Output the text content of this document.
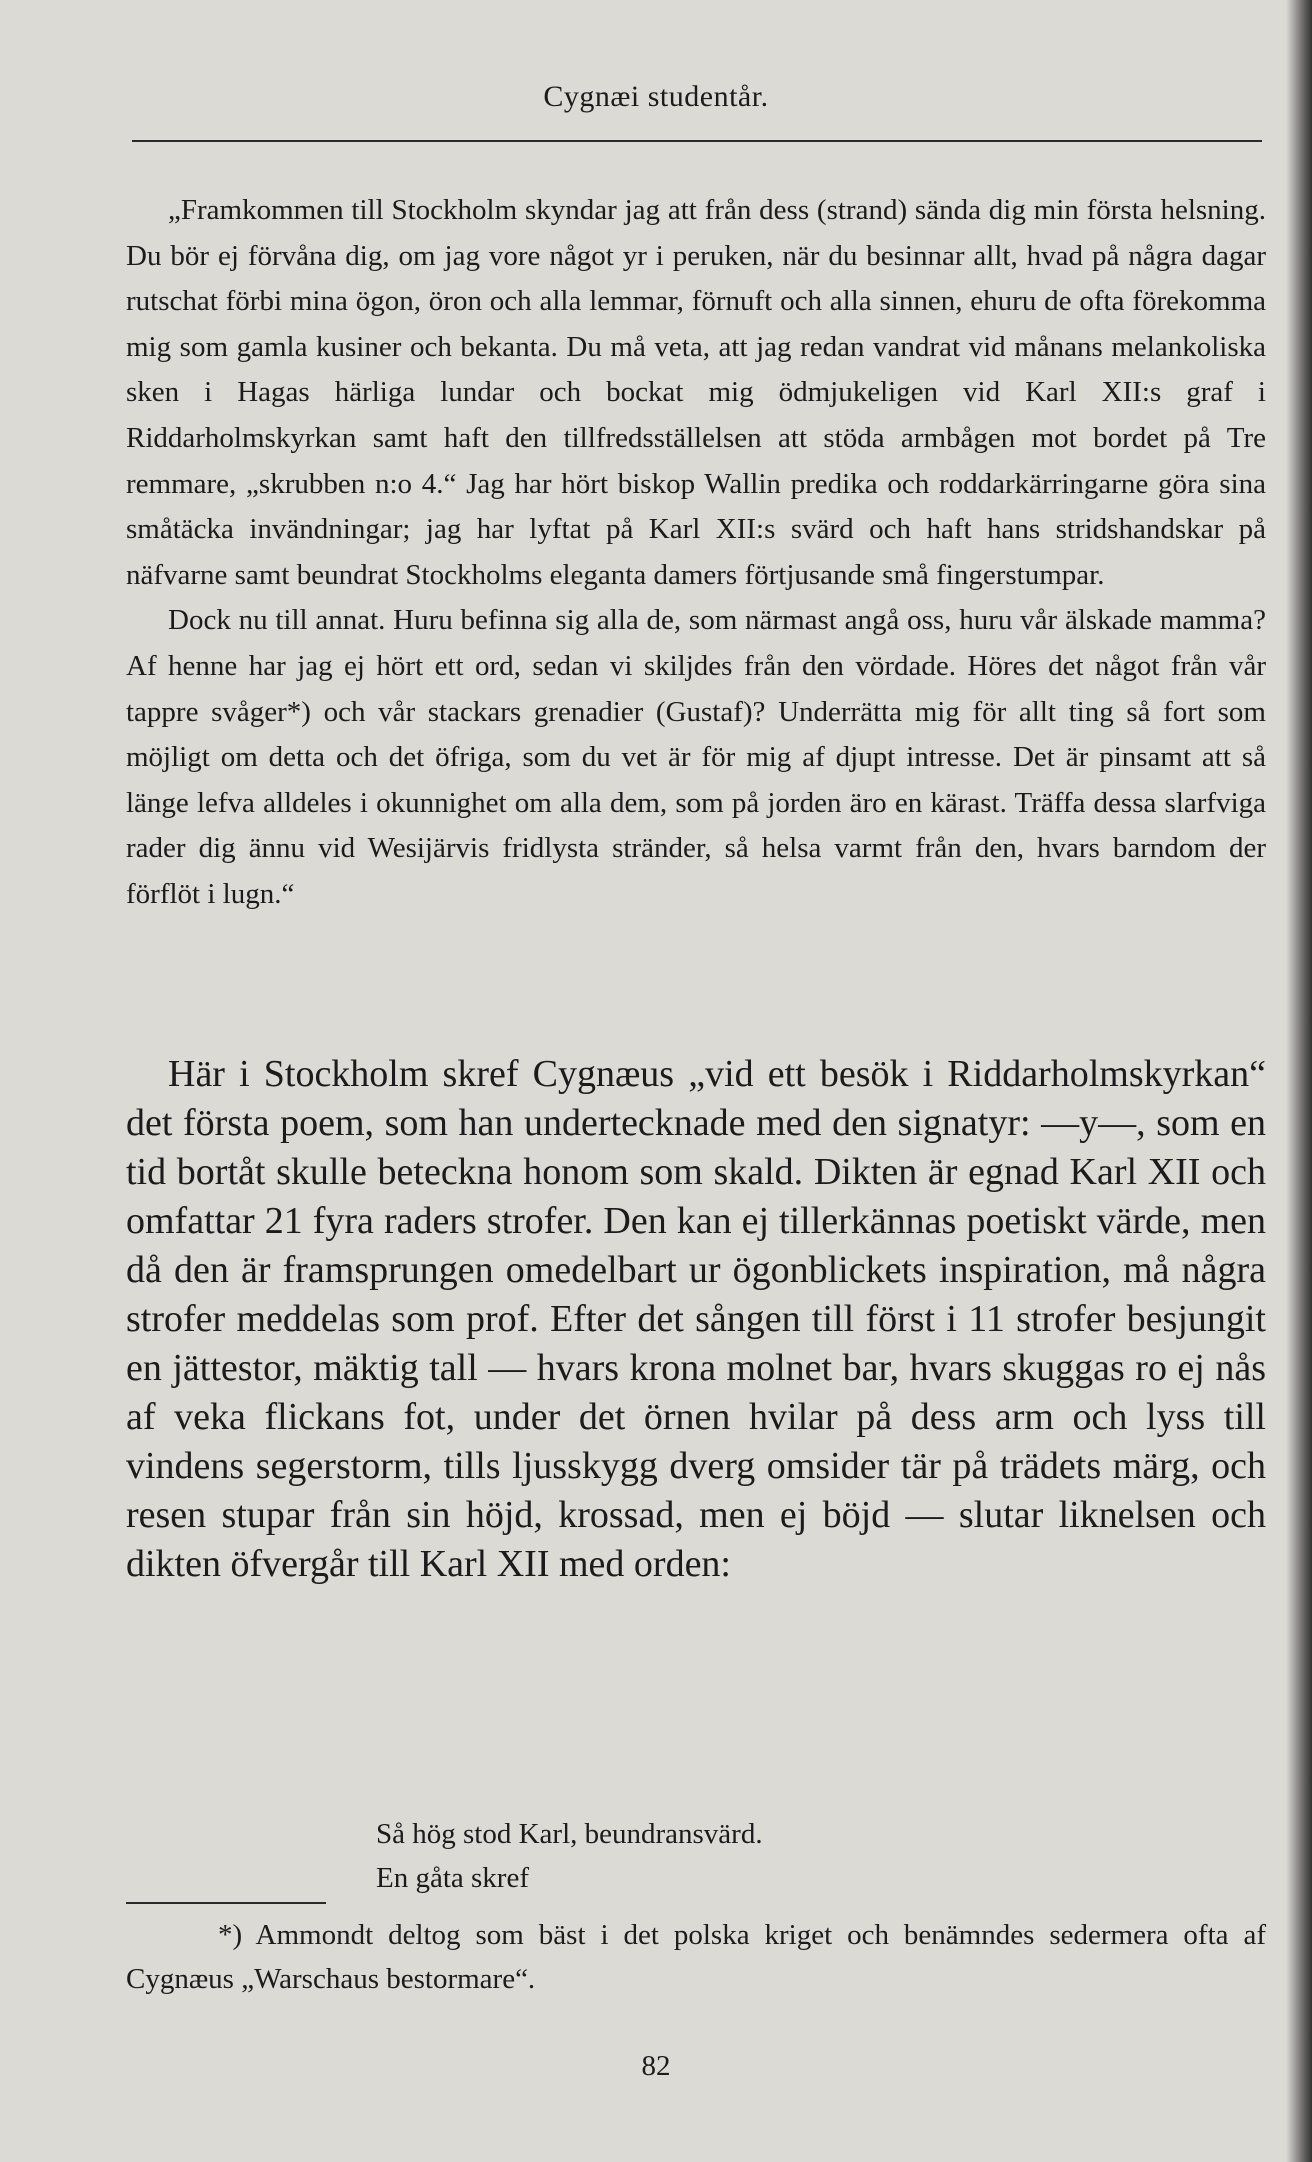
Cygnæi studentår.

„Framkommen till Stockholm skyndar jag att från dess (strand) sända dig min första helsning. Du bör ej förvåna dig, om jag vore något yr i peruken, när du besinnar allt, hvad på några dagar rutschat förbi mina ögon, öron och alla lemmar, förnuft och alla sinnen, ehuru de ofta förekomma mig som gamla kusiner och bekanta. Du må veta, att jag redan vandrat vid månans melankoliska sken i Hagas härliga lundar och bockat mig ödmjukeligen vid Karl XII:s graf i Riddarholmskyrkan samt haft den tillfredsställelsen att stöda armbågen mot bordet på Tre remmare, „skrubben n:o 4.“ Jag har hört biskop Wallin predika och roddarkärringarne göra sina småtäcka invändningar; jag har lyftat på Karl XII:s svärd och haft hans stridshandskar på näfvarne samt beundrat Stockholms eleganta damers förtjusande små fingerstumpar.

Dock nu till annat. Huru befinna sig alla de, som närmast angå oss, huru vår älskade mamma? Af henne har jag ej hört ett ord, sedan vi skiljdes från den vördade. Höres det något från vår tappre svåger*) och vår stackars grenadier (Gustaf)? Underrätta mig för allt ting så fort som möjligt om detta och det öfriga, som du vet är för mig af djupt intresse. Det är pinsamt att så länge lefva alldeles i okunnighet om alla dem, som på jorden äro en kärast. Träffa dessa slarfviga rader dig ännu vid Wesijärvis fridlysta stränder, så helsa varmt från den, hvars barndom der förflöt i lugn.“

Här i Stockholm skref Cygnæus „vid ett besök i Riddarholmskyrkan“ det första poem, som han undertecknade med den signatyr: —y—, som en tid bortåt skulle beteckna honom som skald. Dikten är egnad Karl XII och omfattar 21 fyra raders strofer. Den kan ej tillerkännas poetiskt värde, men då den är framsprungen omedelbart ur ögonblickets inspiration, må några strofer meddelas som prof. Efter det sången till först i 11 strofer besjungit en jättestor, mäktig tall — hvars krona molnet bar, hvars skuggas ro ej nås af veka flickans fot, under det örnen hvilar på dess arm och lyss till vindens segerstorm, tills ljusskygg dverg omsider tär på trädets märg, och resen stupar från sin höjd, krossad, men ej böjd — slutar liknelsen och dikten öfvergår till Karl XII med orden:

Så hög stod Karl, beundransvärd.
En gåta skref

*) Ammondt deltog som bäst i det polska kriget och benämndes sedermera ofta af Cygnæus „Warschaus bestormare“.

82
